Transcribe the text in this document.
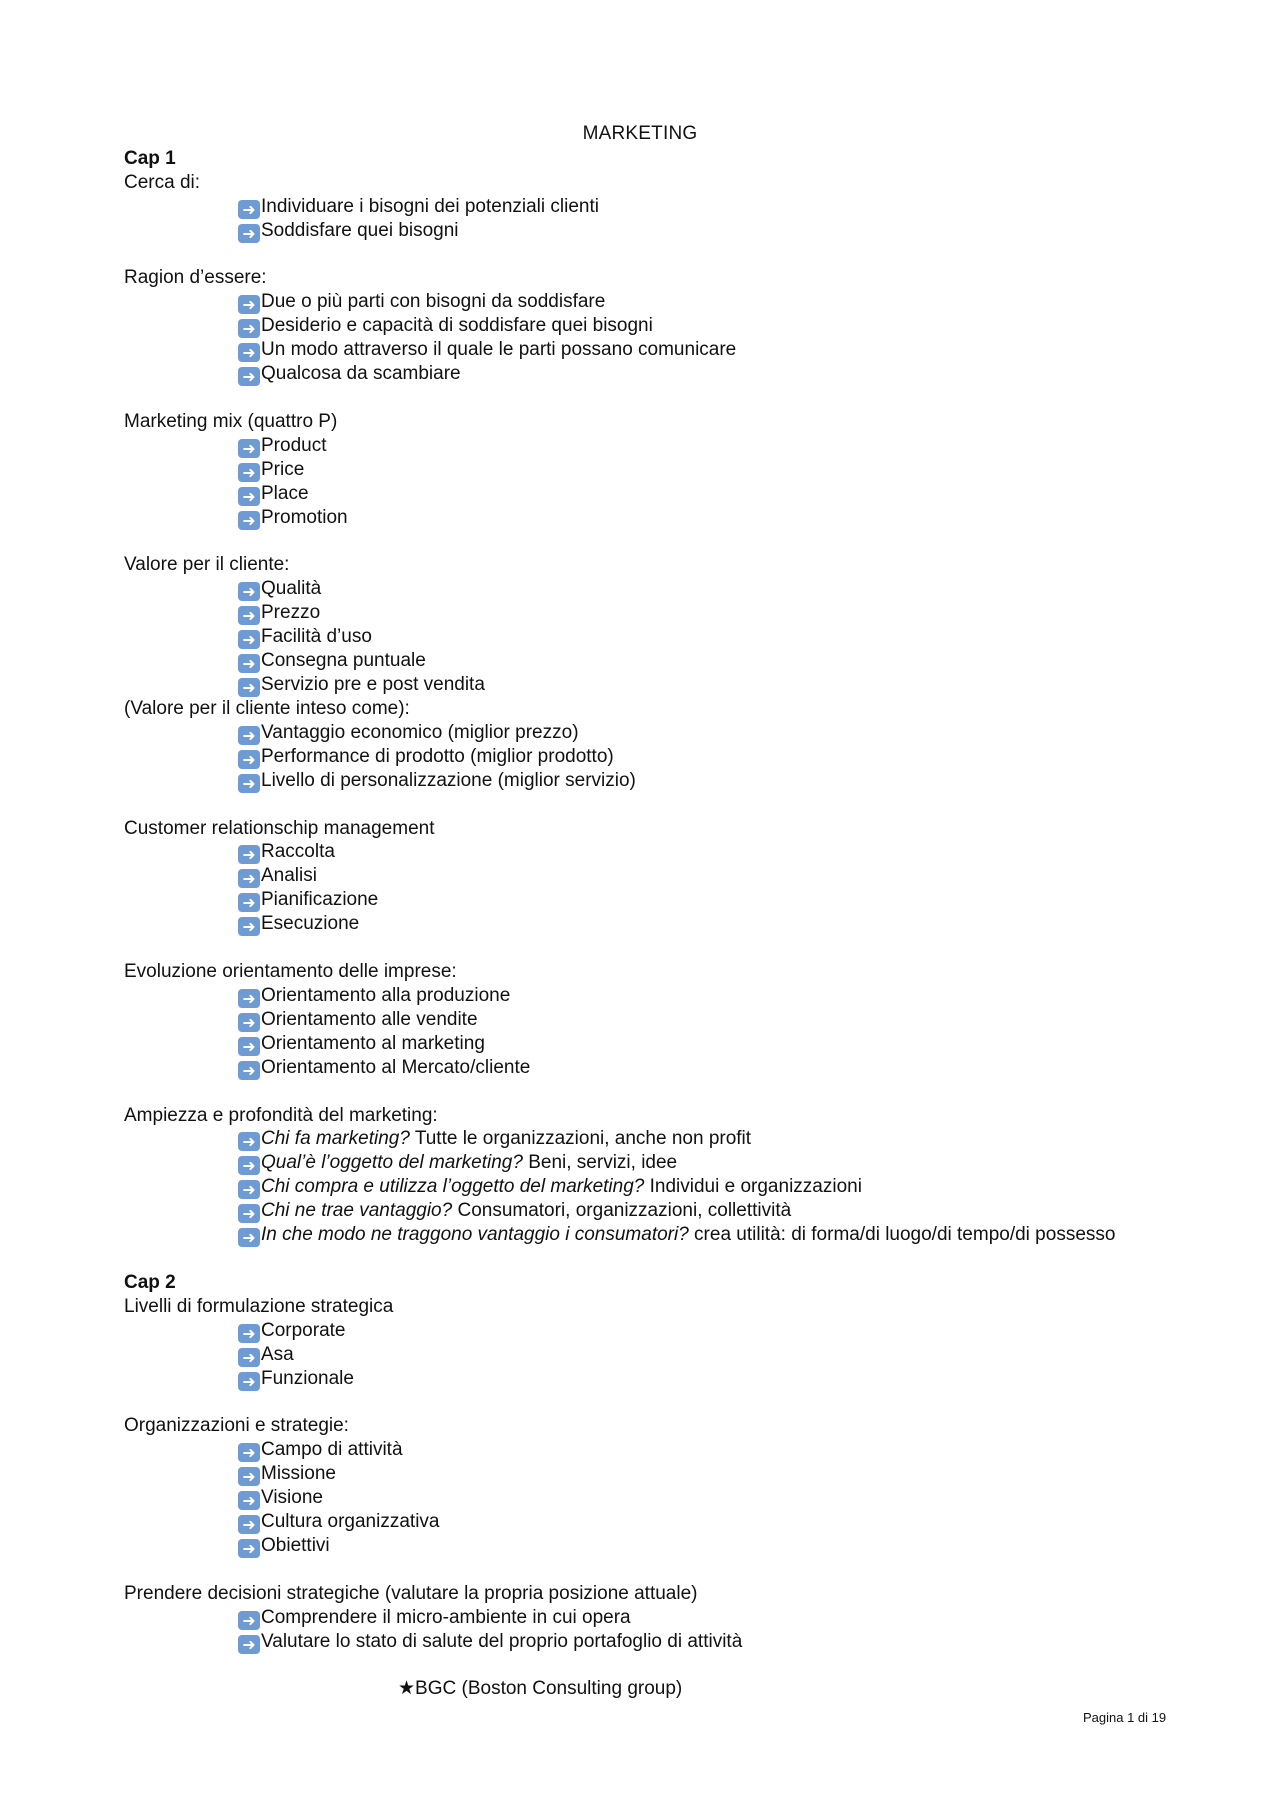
MARKETING
Cap 1
Cerca di:
➜ Individuare i bisogni dei potenziali clienti
➜ Soddisfare quei bisogni
Ragion d’essere:
➜ Due o più parti con bisogni da soddisfare
➜ Desiderio e capacità di soddisfare quei bisogni
➜ Un modo attraverso il quale le parti possano comunicare
➜ Qualcosa da scambiare
Marketing mix (quattro P)
➜ Product
➜ Price
➜ Place
➜ Promotion
Valore per il cliente:
➜ Qualità
➜ Prezzo
➜ Facilità d’uso
➜ Consegna puntuale
➜ Servizio pre e post vendita
(Valore per il cliente inteso come):
➜ Vantaggio economico (miglior prezzo)
➜ Performance di prodotto (miglior prodotto)
➜ Livello di personalizzazione (miglior servizio)
Customer relationschip management
➜ Raccolta
➜ Analisi
➜ Pianificazione
➜ Esecuzione
Evoluzione orientamento delle imprese:
➜ Orientamento alla produzione
➜ Orientamento alle vendite
➜ Orientamento al marketing
➜ Orientamento al Mercato/cliente
Ampiezza e profondità del marketing:
➜ Chi fa marketing? Tutte le organizzazioni, anche non profit
➜ Qual’è l’oggetto del marketing? Beni, servizi, idee
➜ Chi compra e utilizza l’oggetto del marketing? Individui e organizzazioni
➜ Chi ne trae vantaggio? Consumatori, organizzazioni, collettività
➜ In che modo ne traggono vantaggio i consumatori? crea utilità: di forma/di luogo/di tempo/di possesso
Cap 2
Livelli di formulazione strategica
➜ Corporate
➜ Asa
➜ Funzionale
Organizzazioni e strategie:
➜ Campo di attività
➜ Missione
➜ Visione
➜ Cultura organizzativa
➜ Obiettivi
Prendere decisioni strategiche (valutare la propria posizione attuale)
➜ Comprendere il micro-ambiente in cui opera
➜ Valutare lo stato di salute del proprio portafoglio di attività
★BGC (Boston Consulting group)
Pagina 1 di 19
